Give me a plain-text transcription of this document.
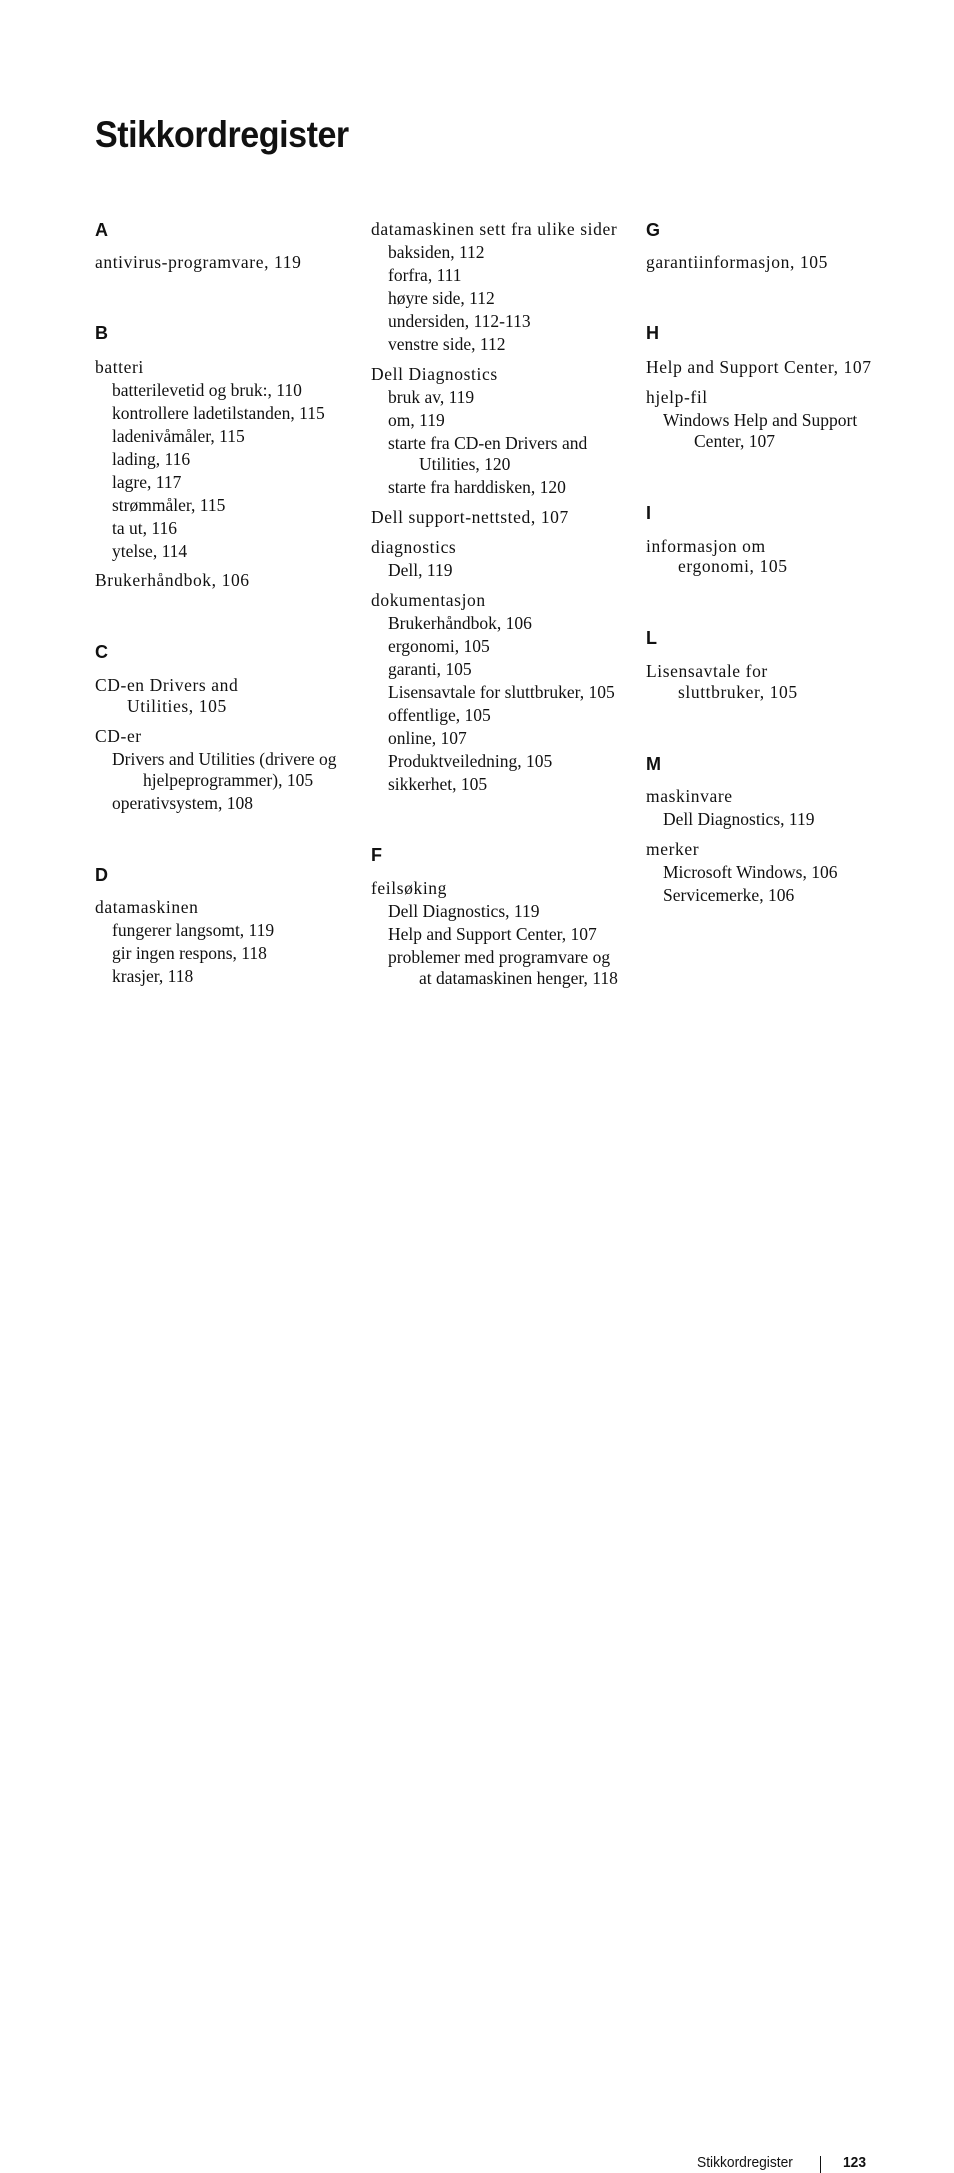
Stikkordregister
A
antivirus-programvare, 119
B
batteri
batterilevetid og bruk:, 110
kontrollere ladetilstanden, 115
ladenivåmåler, 115
lading, 116
lagre, 117
strømmåler, 115
ta ut, 116
ytelse, 114
Brukerhåndbok, 106
C
CD-en Drivers and
Utilities, 105
CD-er
Drivers and Utilities (drivere og
hjelpeprogrammer), 105
operativsystem, 108
D
datamaskinen
fungerer langsomt, 119
gir ingen respons, 118
krasjer, 118
datamaskinen sett fra ulike sider
baksiden, 112
forfra, 111
høyre side, 112
undersiden, 112-113
venstre side, 112
Dell Diagnostics
bruk av, 119
om, 119
starte fra CD-en Drivers and
Utilities, 120
starte fra harddisken, 120
Dell support-nettsted, 107
diagnostics
Dell, 119
dokumentasjon
Brukerhåndbok, 106
ergonomi, 105
garanti, 105
Lisensavtale for sluttbruker, 105
offentlige, 105
online, 107
Produktveiledning, 105
sikkerhet, 105
F
feilsøking
Dell Diagnostics, 119
Help and Support Center, 107
problemer med programvare og
at datamaskinen henger, 118
G
garantiinformasjon, 105
H
Help and Support Center, 107
hjelp-fil
Windows Help and Support
Center, 107
I
informasjon om
ergonomi, 105
L
Lisensavtale for
sluttbruker, 105
M
maskinvare
Dell Diagnostics, 119
merker
Microsoft Windows, 106
Servicemerke, 106
Stikkordregister	123
